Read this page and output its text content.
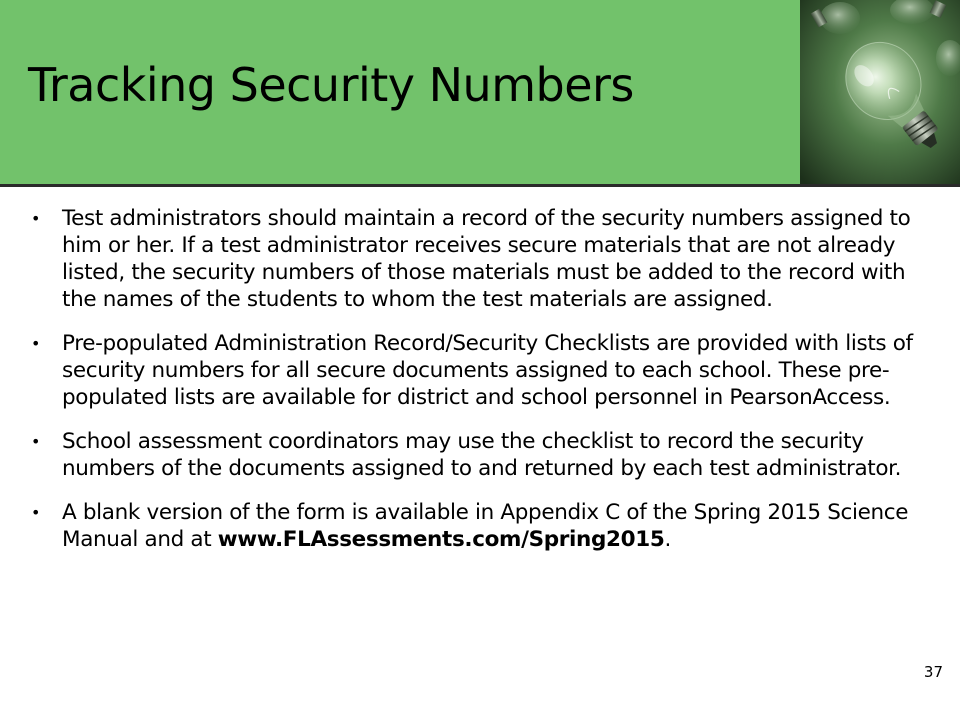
Tracking Security Numbers
• Test administrators should maintain a record of the security numbers assigned to him or her. If a test administrator receives secure materials that are not already listed, the security numbers of those materials must be added to the record with the names of the students to whom the test materials are assigned.
• Pre-populated Administration Record/Security Checklists are provided with lists of security numbers for all secure documents assigned to each school. These pre-populated lists are available for district and school personnel in PearsonAccess.
• School assessment coordinators may use the checklist to record the security numbers of the documents assigned to and returned by each test administrator.
• A blank version of the form is available in Appendix C of the Spring 2015 Science Manual and at www.FLAssessments.com/Spring2015.
37
